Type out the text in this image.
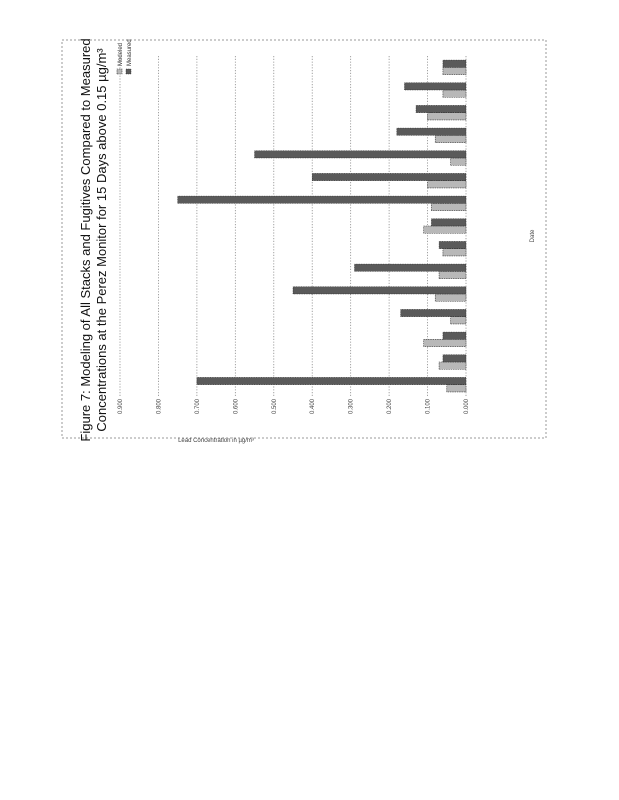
Figure 7: Modeling of All Stacks and Fugitives Compared to Measured Concentrations at the Perez Monitor for 15 Days above 0.15 µg/m³
Lead Concentration in µg/m³
Date
0.000
0.100
0.200
0.300
0.400
0.500
0.600
0.700
0.800
0.900
Modeled Measured
